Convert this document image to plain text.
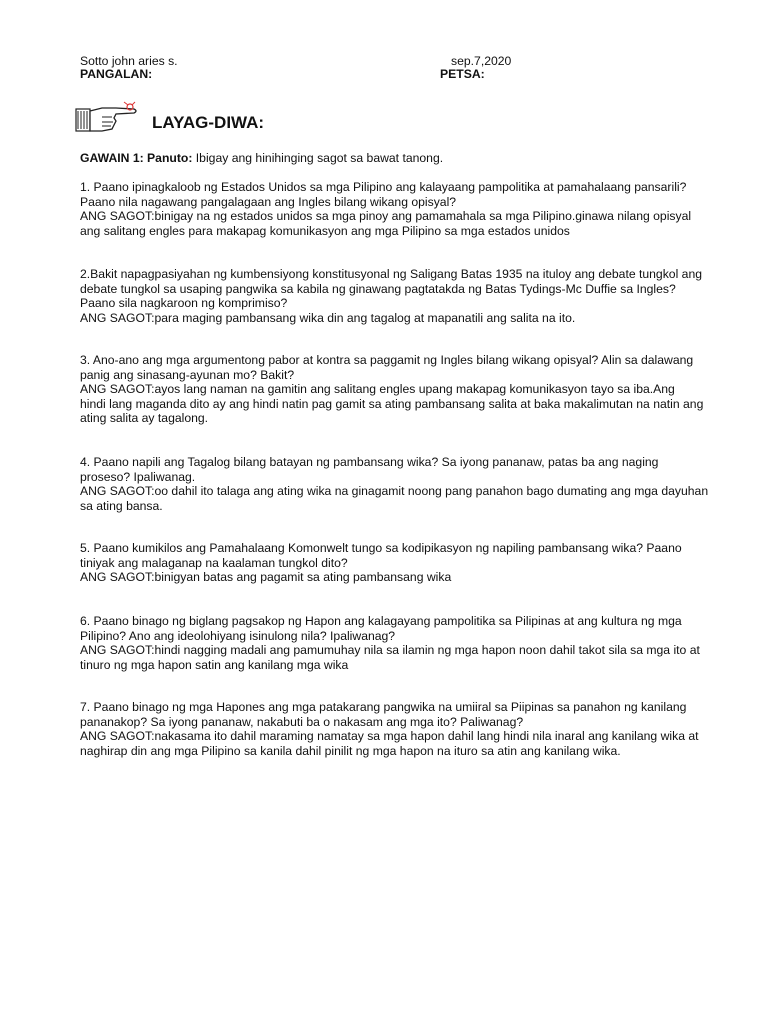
Sotto john aries s.	sep.7,2020
PANGALAN:	PETSA:
LAYAG-DIWA:
GAWAIN 1: Panuto: Ibigay ang hinihinging sagot sa bawat tanong.
1. Paano ipinagkaloob ng Estados Unidos sa mga Pilipino ang kalayaang pampolitika at pamahalaang pansarili?
Paano nila nagawang pangalagaan ang Ingles bilang wikang opisyal?
ANG SAGOT:binigay na ng estados unidos sa mga pinoy ang pamamahala sa mga Pilipino.ginawa nilang opisyal
ang salitang engles para makapag komunikasyon ang mga Pilipino sa mga estados unidos
2.Bakit napagpasiyahan ng kumbensiyong konstitusyonal ng Saligang Batas 1935 na ituloy ang debate tungkol ang
debate tungkol sa usaping pangwika sa kabila ng ginawang pagtatakda ng Batas Tydings-Mc Duffie sa Ingles?
Paano sila nagkaroon ng komprimiso?
ANG SAGOT:para maging pambansang wika din ang tagalog at mapanatili ang salita na ito.
3. Ano-ano ang mga argumentong pabor at kontra sa paggamit ng Ingles bilang wikang opisyal? Alin sa dalawang
panig ang sinasang-ayunan mo? Bakit?
ANG SAGOT:ayos lang naman na gamitin ang salitang engles upang makapag komunikasyon tayo sa iba.Ang
hindi lang maganda dito ay ang hindi natin pag gamit sa ating pambansang salita at baka makalimutan na natin ang
ating salita ay tagalong.
4. Paano napili ang Tagalog bilang batayan ng pambansang wika? Sa iyong pananaw, patas ba ang naging
proseso? Ipaliwanag.
ANG SAGOT:oo dahil ito talaga ang ating wika na ginagamit noong pang panahon bago dumating ang mga dayuhan
sa ating bansa.
5. Paano kumikilos ang Pamahalaang Komonwelt tungo sa kodipikasyon ng napiling pambansang wika? Paano
tiniyak ang malaganap na kaalaman tungkol dito?
ANG SAGOT:binigyan batas ang pagamit sa ating pambansang wika
6. Paano binago ng biglang pagsakop ng Hapon ang kalagayang pampolitika sa Pilipinas at ang kultura ng mga
Pilipino? Ano ang ideolohiyang isinulong nila? Ipaliwanag?
ANG SAGOT:hindi nagging madali ang pamumuhay nila sa ilamin ng mga hapon noon dahil takot sila sa mga ito at
tinuro ng mga hapon satin ang kanilang mga wika
7. Paano binago ng mga Hapones ang mga patakarang pangwika na umiiral sa Piipinas sa panahon ng kanilang
pananakop? Sa iyong pananaw, nakabuti ba o nakasam ang mga ito? Paliwanag?
ANG SAGOT:nakasama ito dahil maraming namatay sa mga hapon dahil lang hindi nila inaral ang kanilang wika at
naghirap din ang mga Pilipino sa kanila dahil pinilit ng mga hapon na ituro sa atin ang kanilang wika.
